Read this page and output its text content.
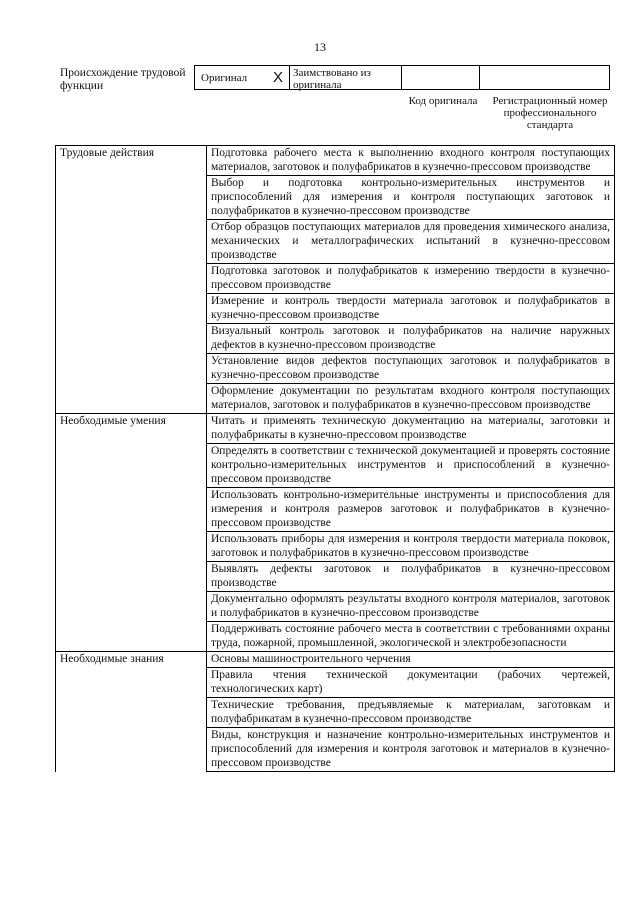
13
Происхождение трудовой функции
Оригинал X Заимствовано из оригинала
Код оригинала	Регистрационный номер профессионального стандарта
Трудовые действия	Подготовка рабочего места к выполнению входного контроля поступающих материалов, заготовок и полуфабрикатов в кузнечно-прессовом производстве
	Выбор и подготовка контрольно-измерительных инструментов и приспособлений для измерения и контроля поступающих заготовок и полуфабрикатов в кузнечно-прессовом производстве
	Отбор образцов поступающих материалов для проведения химического анализа, механических и металлографических испытаний в кузнечно-прессовом производстве
	Подготовка заготовок и полуфабрикатов к измерению твердости в кузнечно-прессовом производстве
	Измерение и контроль твердости материала заготовок и полуфабрикатов в кузнечно-прессовом производстве
	Визуальный контроль заготовок и полуфабрикатов на наличие наружных дефектов в кузнечно-прессовом производстве
	Установление видов дефектов поступающих заготовок и полуфабрикатов в кузнечно-прессовом производстве
	Оформление документации по результатам входного контроля поступающих материалов, заготовок и полуфабрикатов в кузнечно-прессовом производстве
Необходимые умения	Читать и применять техническую документацию на материалы, заготовки и полуфабрикаты в кузнечно-прессовом производстве
	Определять в соответствии с технической документацией и проверять состояние контрольно-измерительных инструментов и приспособлений в кузнечно-прессовом производстве
	Использовать контрольно-измерительные инструменты и приспособления для измерения и контроля размеров заготовок и полуфабрикатов в кузнечно-прессовом производстве
	Использовать приборы для измерения и контроля твердости материала поковок, заготовок и полуфабрикатов в кузнечно-прессовом производстве
	Выявлять дефекты заготовок и полуфабрикатов в кузнечно-прессовом производстве
	Документально оформлять результаты входного контроля материалов, заготовок и полуфабрикатов в кузнечно-прессовом производстве
	Поддерживать состояние рабочего места в соответствии с требованиями охраны труда, пожарной, промышленной, экологической и электробезопасности
Необходимые знания	Основы машиностроительного черчения
	Правила чтения технической документации (рабочих чертежей, технологических карт)
	Технические требования, предъявляемые к материалам, заготовкам и полуфабрикатам в кузнечно-прессовом производстве
	Виды, конструкция и назначение контрольно-измерительных инструментов и приспособлений для измерения и контроля заготовок и материалов в кузнечно-прессовом производстве
